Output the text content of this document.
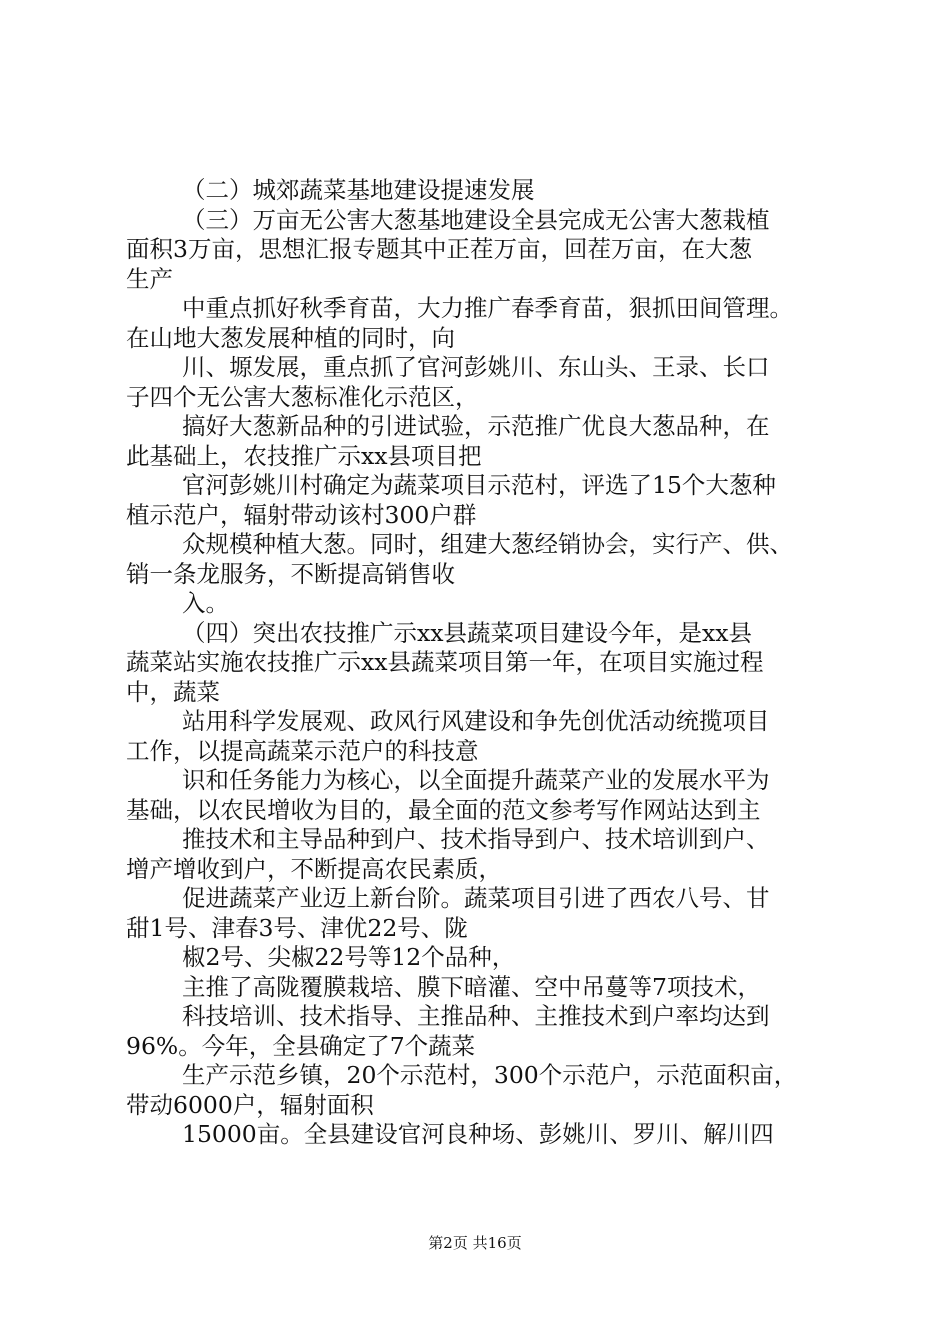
（二）城郊蔬菜基地建设提速发展
（三）万亩无公害大葱基地建设全县完成无公害大葱栽植
面积3万亩，思想汇报专题其中正茬万亩，回茬万亩，在大葱
生产
中重点抓好秋季育苗，大力推广春季育苗，狠抓田间管理。
在山地大葱发展种植的同时，向
川、塬发展，重点抓了官河彭姚川、东山头、王录、长口
子四个无公害大葱标准化示范区，
搞好大葱新品种的引进试验，示范推广优良大葱品种，在
此基础上，农技推广示xx县项目把
官河彭姚川村确定为蔬菜项目示范村，评选了15个大葱种
植示范户，辐射带动该村300户群
众规模种植大葱。同时，组建大葱经销协会，实行产、供、
销一条龙服务，不断提高销售收
入。
（四）突出农技推广示xx县蔬菜项目建设今年，是xx县
蔬菜站实施农技推广示xx县蔬菜项目第一年，在项目实施过程
中，蔬菜
站用科学发展观、政风行风建设和争先创优活动统揽项目
工作，以提高蔬菜示范户的科技意
识和任务能力为核心，以全面提升蔬菜产业的发展水平为
基础，以农民增收为目的，最全面的范文参考写作网站达到主
推技术和主导品种到户、技术指导到户、技术培训到户、
增产增收到户，不断提高农民素质，
促进蔬菜产业迈上新台阶。蔬菜项目引进了西农八号、甘
甜1号、津春3号、津优22号、陇
椒2号、尖椒22号等12个品种，
主推了高陇覆膜栽培、膜下暗灌、空中吊蔓等7项技术，
科技培训、技术指导、主推品种、主推技术到户率均达到
96%。今年，全县确定了7个蔬菜
生产示范乡镇，20个示范村，300个示范户，示范面积亩，
带动6000户，辐射面积
15000亩。全县建设官河良种场、彭姚川、罗川、解川四
第2页 共16页
